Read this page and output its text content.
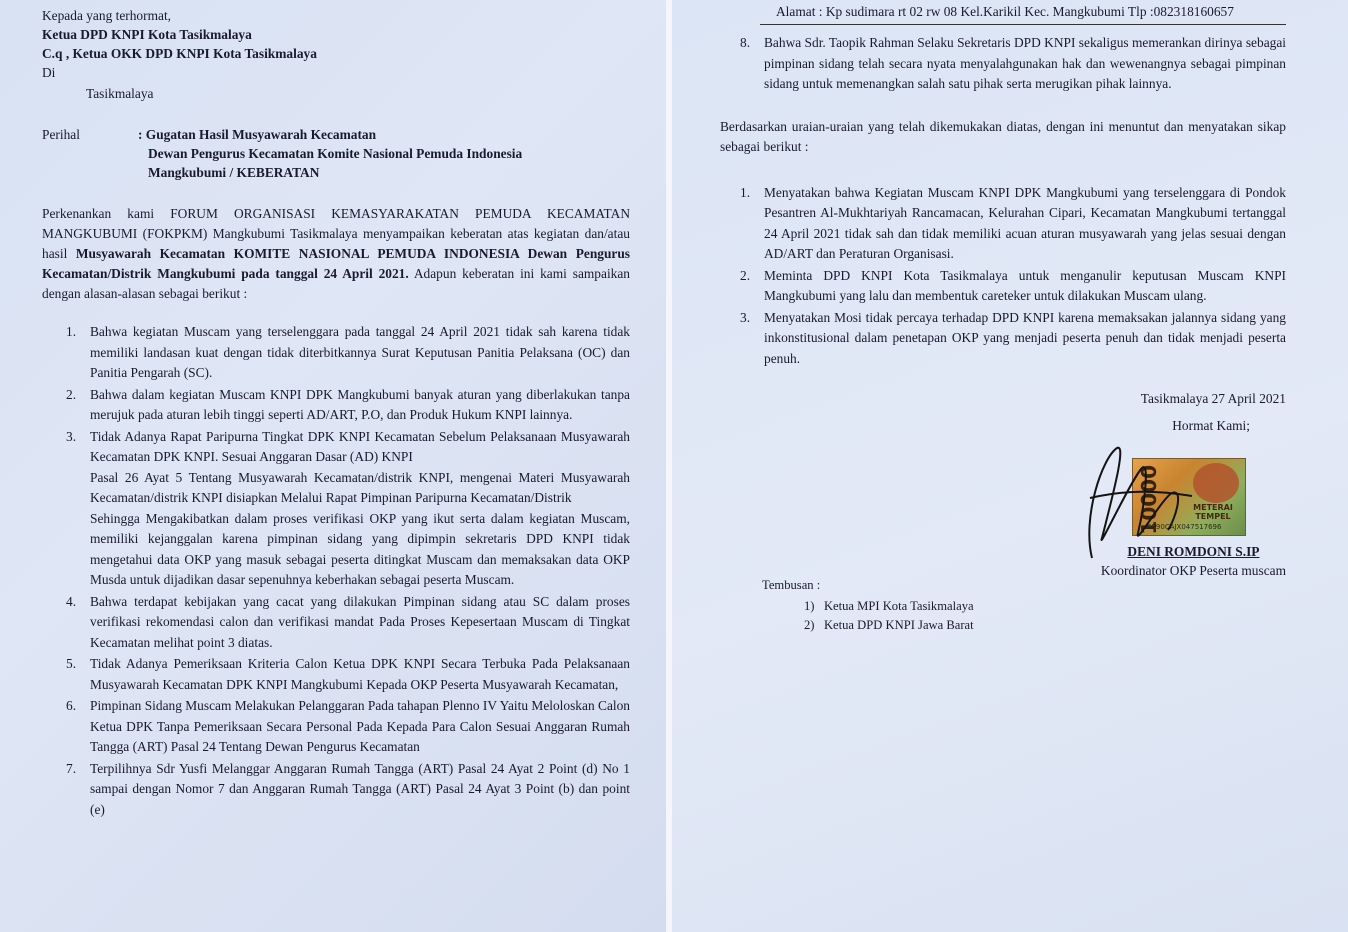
Kepada yang terhormat,

Ketua DPD KNPI Kota Tasikmalaya

C.q , Ketua OKK DPD KNPI Kota Tasikmalaya

Di

Tasikmalaya

Perihal	: Gugatan Hasil Musyawarah Kecamatan

Dewan Pengurus Kecamatan Komite Nasional Pemuda Indonesia

Mangkubumi / KEBERATAN

Perkenankan kami FORUM ORGANISASI KEMASYARAKATAN PEMUDA KECAMATAN MANGKUBUMI (FOKPKM) Mangkubumi Tasikmalaya menyampaikan keberatan atas kegiatan dan/atau hasil Musyawarah Kecamatan KOMITE NASIONAL PEMUDA INDONESIA Dewan Pengurus Kecamatan/Distrik Mangkubumi pada tanggal 24 April 2021. Adapun keberatan ini kami sampaikan dengan alasan-alasan sebagai berikut :

1.	Bahwa kegiatan Muscam yang terselenggara pada tanggal 24 April 2021 tidak sah karena tidak memiliki landasan kuat dengan tidak diterbitkannya Surat Keputusan Panitia Pelaksana (OC) dan Panitia Pengarah (SC).
2.	Bahwa dalam kegiatan Muscam KNPI DPK Mangkubumi banyak aturan yang diberlakukan tanpa merujuk pada aturan lebih tinggi seperti AD/ART, P.O, dan Produk Hukum KNPI lainnya.
3.	Tidak Adanya Rapat Paripurna Tingkat DPK KNPI Kecamatan Sebelum Pelaksanaan Musyawarah Kecamatan DPK KNPI. Sesuai Anggaran Dasar (AD) KNPI
Pasal 26 Ayat 5 Tentang Musyawarah Kecamatan/distrik KNPI, mengenai Materi Musyawarah Kecamatan/distrik KNPI disiapkan Melalui Rapat Pimpinan Paripurna Kecamatan/Distrik
Sehingga Mengakibatkan dalam proses verifikasi OKP yang ikut serta dalam kegiatan Muscam, memiliki kejanggalan karena pimpinan sidang yang dipimpin sekretaris DPD KNPI tidak mengetahui data OKP yang masuk sebagai peserta ditingkat Muscam dan memaksakan data OKP Musda untuk dijadikan dasar sepenuhnya keberhakan sebagai peserta Muscam.
4.	Bahwa terdapat kebijakan yang cacat yang dilakukan Pimpinan sidang atau SC dalam proses verifikasi rekomendasi calon dan verifikasi mandat Pada Proses Kepesertaan Muscam di Tingkat Kecamatan melihat point 3 diatas.
5.	Tidak Adanya Pemeriksaan Kriteria Calon Ketua DPK KNPI Secara Terbuka Pada Pelaksanaan Musyawarah Kecamatan DPK KNPI Mangkubumi Kepada OKP Peserta Musyawarah Kecamatan,
6.	Pimpinan Sidang Muscam Melakukan Pelanggaran Pada tahapan Plenno IV Yaitu Meloloskan Calon Ketua DPK Tanpa Pemeriksaan Secara Personal Pada Kepada Para Calon Sesuai Anggaran Rumah Tangga (ART) Pasal 24 Tentang Dewan Pengurus Kecamatan
7.	Terpilihnya Sdr Yusfi Melanggar Anggaran Rumah Tangga (ART) Pasal 24 Ayat 2 Point (d) No 1 sampai dengan Nomor 7 dan Anggaran Rumah Tangga (ART) Pasal 24 Ayat 3 Point (b) dan point (e)

Alamat : Kp sudimara rt 02 rw 08 Kel.Karikil Kec. Mangkubumi Tlp :082318160657

8.	Bahwa Sdr. Taopik Rahman Selaku Sekretaris DPD KNPI sekaligus memerankan dirinya sebagai pimpinan sidang telah secara nyata menyalahgunakan hak dan wewenangnya sebagai pimpinan sidang untuk memenangkan salah satu pihak serta merugikan pihak lainnya.

Berdasarkan uraian-uraian yang telah dikemukakan diatas, dengan ini menuntut dan menyatakan sikap sebagai berikut :

1.	Menyatakan bahwa Kegiatan Muscam KNPI DPK Mangkubumi yang terselenggara di Pondok Pesantren Al-Mukhtariyah Rancamacan, Kelurahan Cipari, Kecamatan Mangkubumi tertanggal 24 April 2021 tidak sah dan tidak memiliki acuan aturan musyawarah yang jelas sesuai dengan AD/ART dan Peraturan Organisasi.
2.	Meminta DPD KNPI Kota Tasikmalaya untuk menganulir keputusan Muscam KNPI Mangkubumi yang lalu dan membentuk careteker untuk dilakukan Muscam ulang.
3.	Menyatakan Mosi tidak percaya terhadap DPD KNPI karena memaksakan jalannya sidang yang inkonstitusional dalam penetapan OKP yang menjadi peserta penuh dan tidak menjadi peserta penuh.

Tasikmalaya 27 April 2021

Hormat Kami;

10000	METERAI TEMPEL
6990CAJX047517696

DENI ROMDONI S.IP

Koordinator OKP Peserta muscam

Tembusan :

1) Ketua MPI Kota Tasikmalaya

2) Ketua DPD KNPI Jawa Barat
